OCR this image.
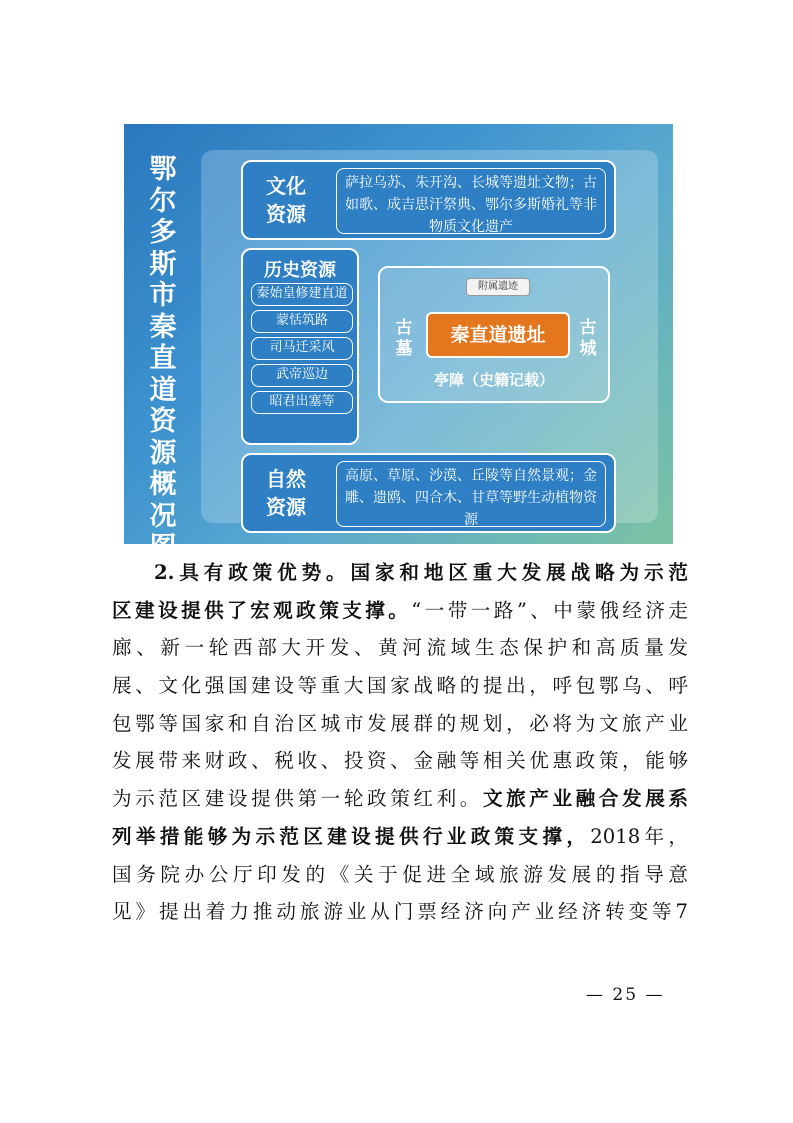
鄂尔多斯市秦直道资源概况图
文化
资源
萨拉乌苏、朱开沟、长城等遗址文物；古如歌、成吉思汗祭典、鄂尔多斯婚礼等非物质文化遗产
历史资源
秦始皇修建直道
蒙恬筑路
司马迁采风
武帝巡边
昭君出塞等
附属遗迹
古墓
秦直道遗址	古城
亭障（史籍记载）
自然
资源
高原、草原、沙漠、丘陵等自然景观；金雕、遗鸥、四合木、甘草等野生动植物资源
2.具有政策优势。国家和地区重大发展战略为示范
区建设提供了宏观政策支撑。“一带一路”、中蒙俄经济走
廊、新一轮西部大开发、黄河流域生态保护和高质量发
展、文化强国建设等重大国家战略的提出，呼包鄂乌、呼
包鄂等国家和自治区城市发展群的规划，必将为文旅产业
发展带来财政、税收、投资、金融等相关优惠政策，能够
为示范区建设提供第一轮政策红利。文旅产业融合发展系
列举措能够为示范区建设提供行业政策支撑，2018年，
国务院办公厅印发的《关于促进全域旅游发展的指导意
见》提出着力推动旅游业从门票经济向产业经济转变等7
— 25 —
